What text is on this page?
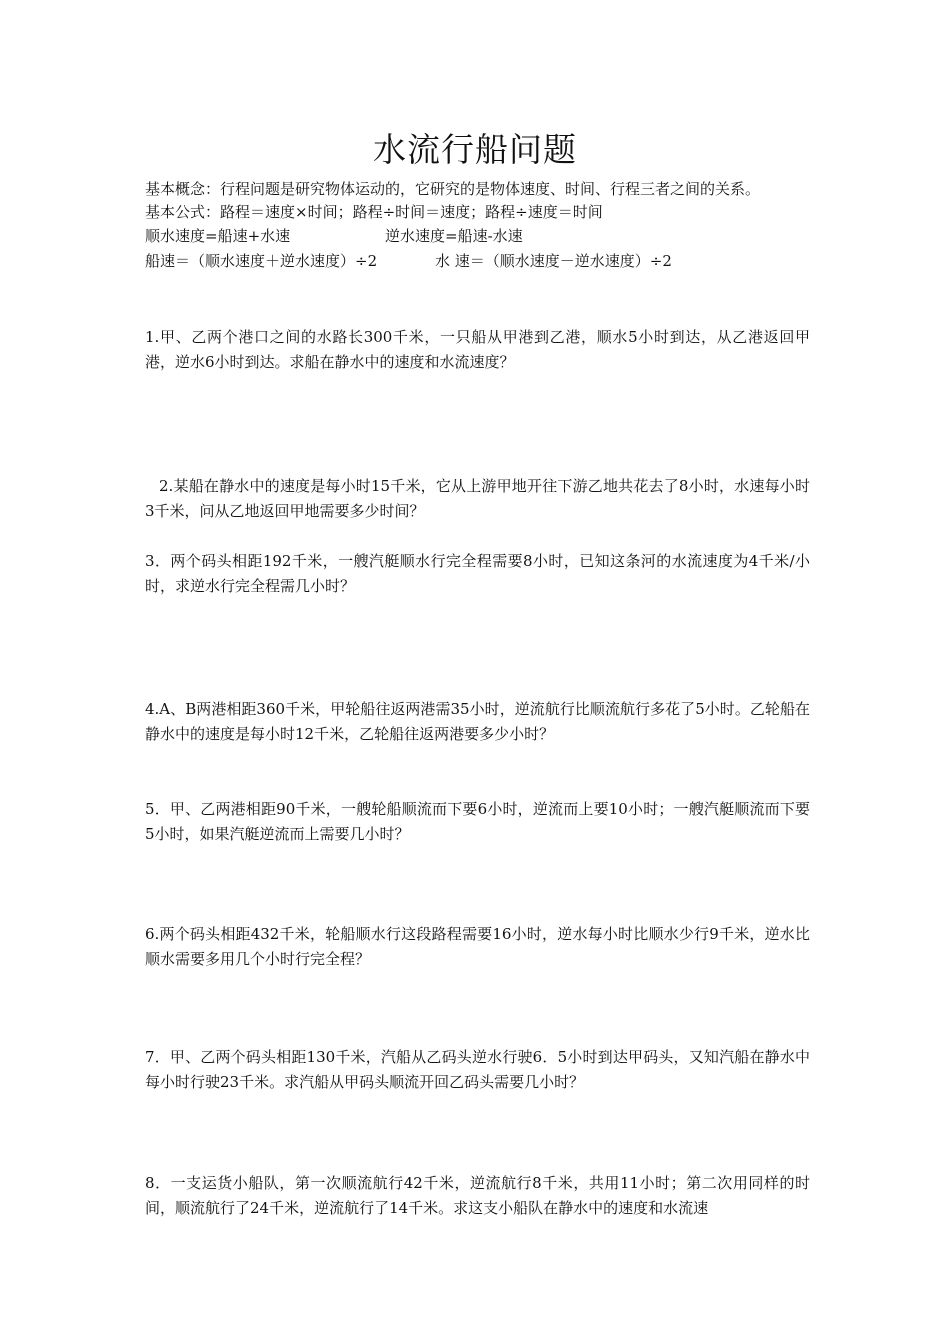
水流行船问题
基本概念：行程问题是研究物体运动的，它研究的是物体速度、时间、行程三者之间的关系。
基本公式：路程＝速度×时间；路程÷时间＝速度；路程÷速度＝时间
顺水速度=船速+水速	逆水速度=船速-水速
船速＝（顺水速度＋逆水速度）÷2	水 速＝（顺水速度－逆水速度）÷2
1.甲、乙两个港口之间的水路长300千米，一只船从甲港到乙港，顺水5小时到达，从乙港返回甲港，逆水6小时到达。求船在静水中的速度和水流速度？
2.某船在静水中的速度是每小时15千米，它从上游甲地开往下游乙地共花去了8小时，水速每小时3千米，问从乙地返回甲地需要多少时间？
3．两个码头相距192千米，一艘汽艇顺水行完全程需要8小时，已知这条河的水流速度为4千米/小时，求逆水行完全程需几小时？
4.A、B两港相距360千米，甲轮船往返两港需35小时，逆流航行比顺流航行多花了5小时。乙轮船在静水中的速度是每小时12千米，乙轮船往返两港要多少小时？
5．甲、乙两港相距90千米，一艘轮船顺流而下要6小时，逆流而上要10小时；一艘汽艇顺流而下要5小时，如果汽艇逆流而上需要几小时？
6.两个码头相距432千米，轮船顺水行这段路程需要16小时，逆水每小时比顺水少行9千米，逆水比顺水需要多用几个小时行完全程？
7．甲、乙两个码头相距130千米，汽船从乙码头逆水行驶6．5小时到达甲码头，又知汽船在静水中每小时行驶23千米。求汽船从甲码头顺流开回乙码头需要几小时？
8．一支运货小船队，第一次顺流航行42千米，逆流航行8千米，共用11小时；第二次用同样的时间，顺流航行了24千米，逆流航行了14千米。求这支小船队在静水中的速度和水流速
